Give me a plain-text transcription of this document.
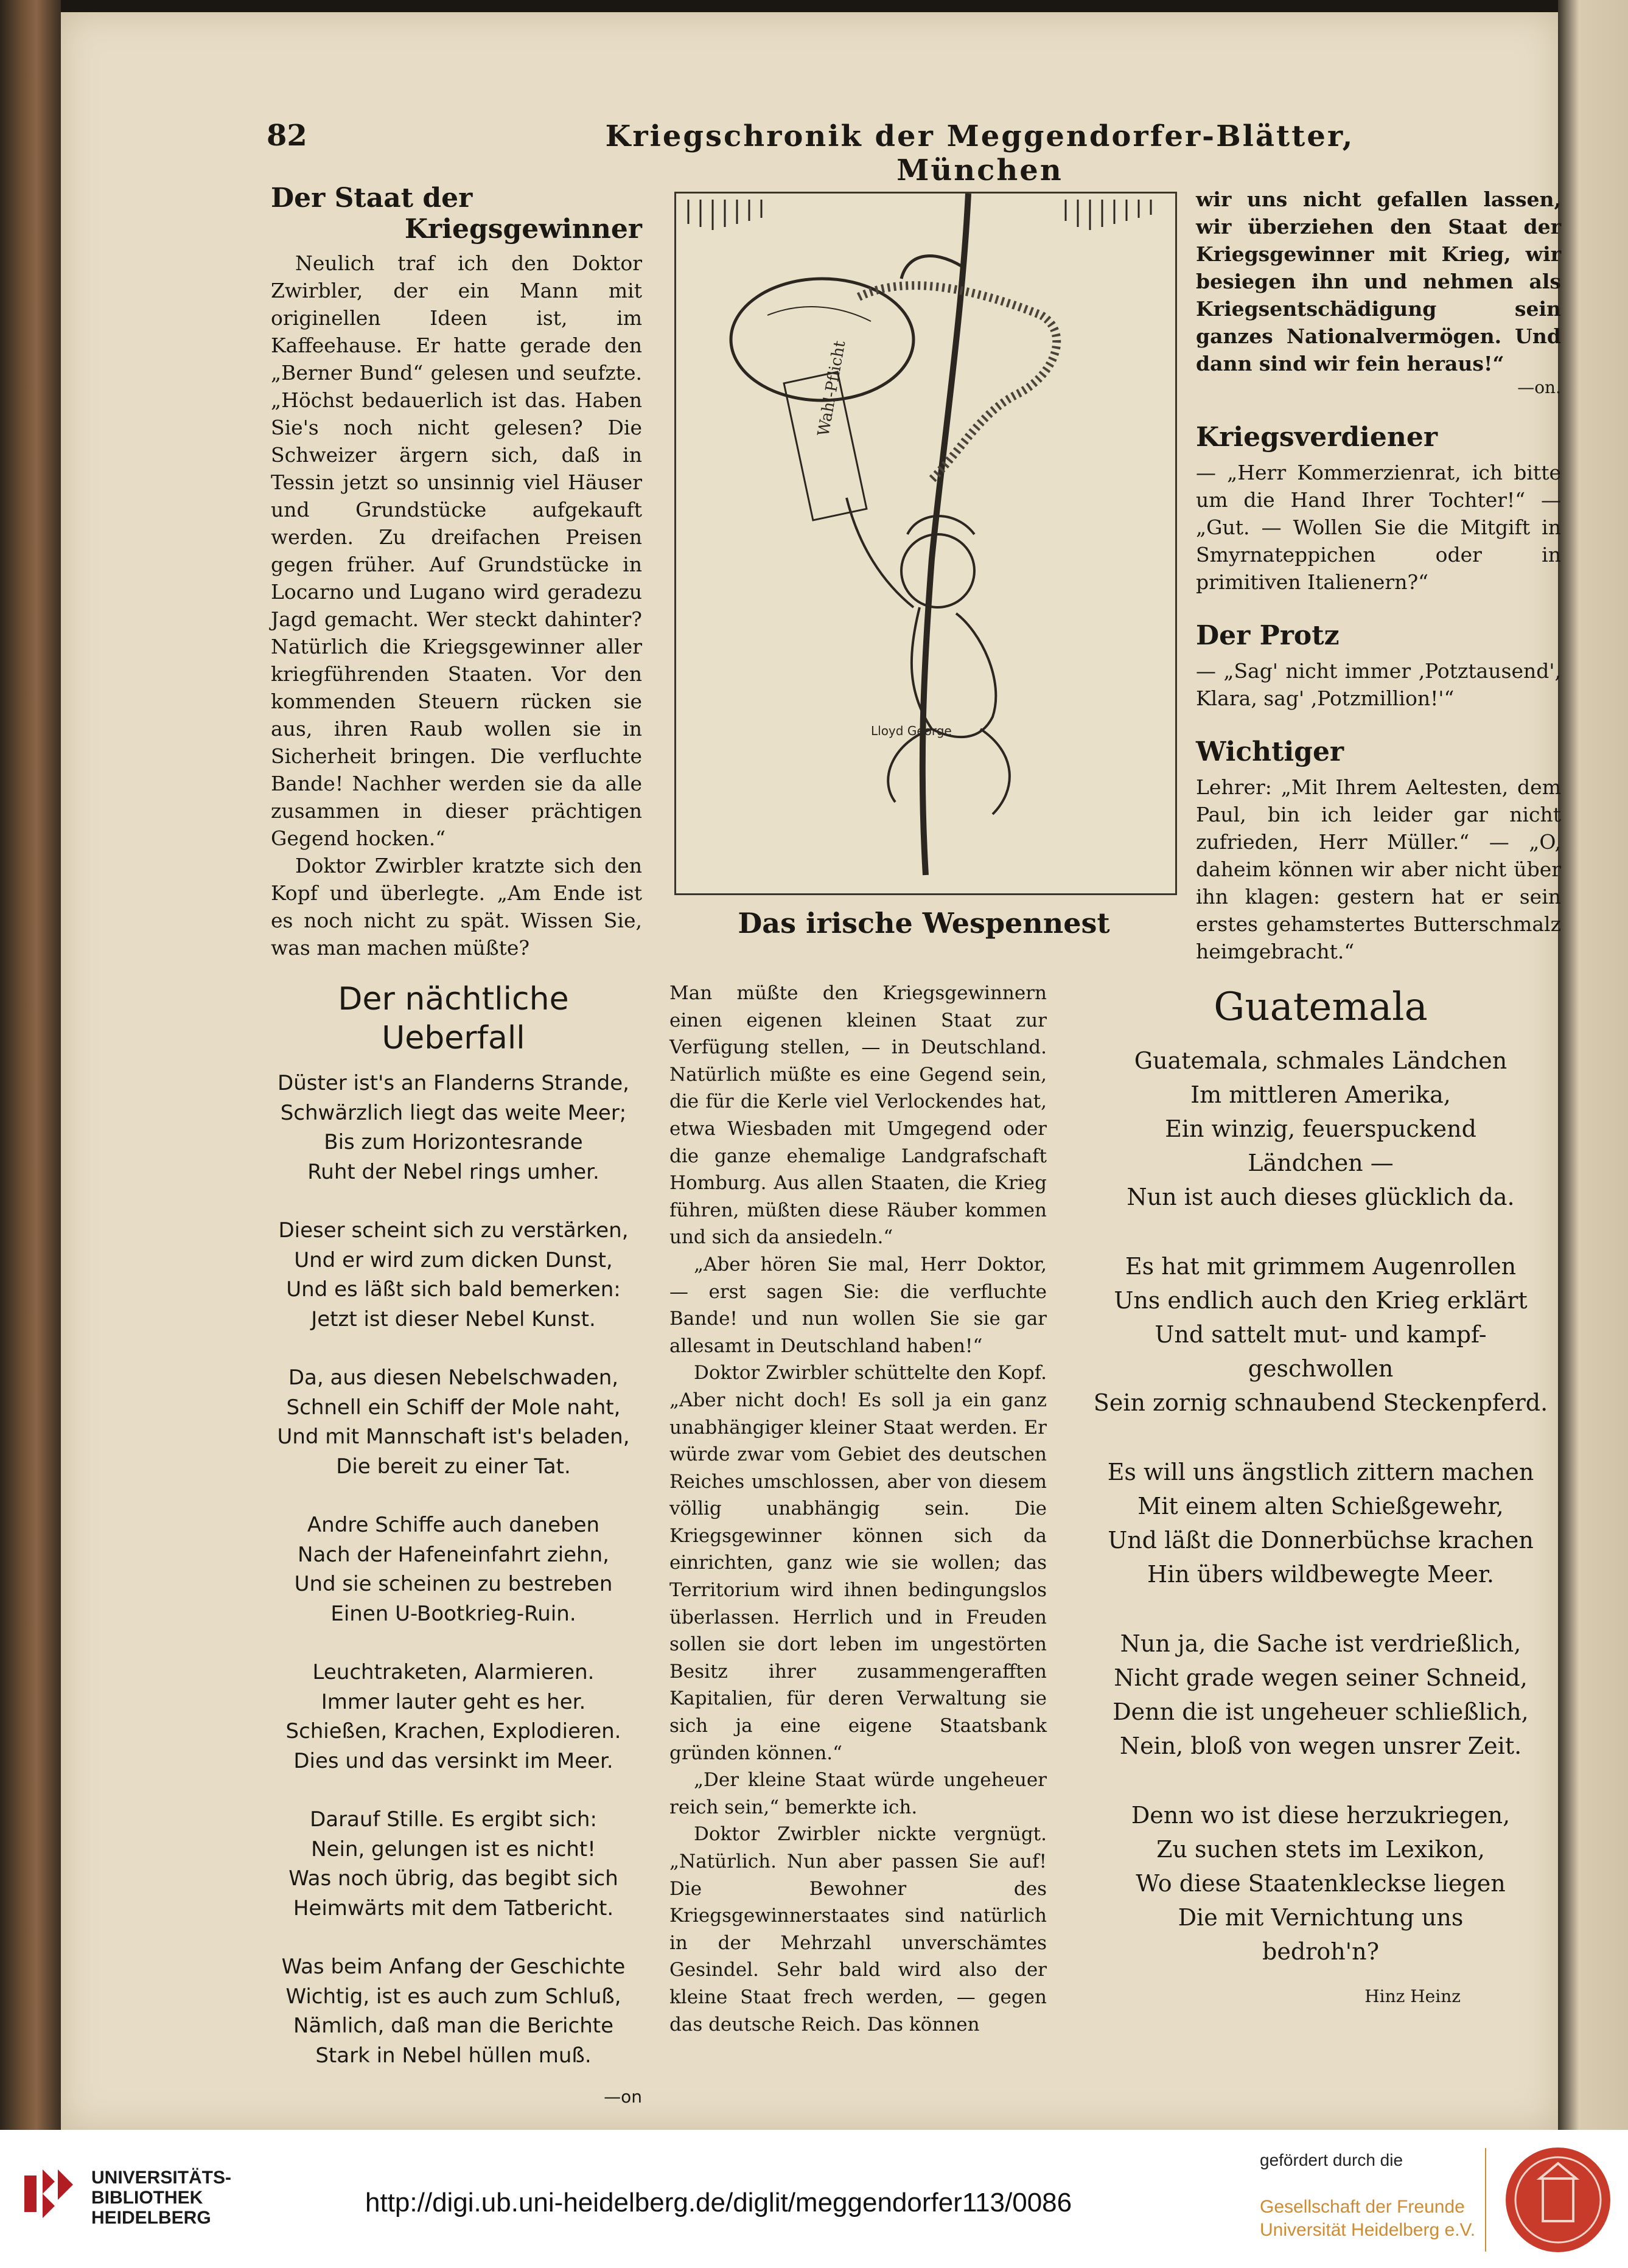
82	Kriegschronik der Meggendorfer-Blätter, München
Der Staat der
Kriegsgewinner

Neulich traf ich den Doktor Zwirbler, der ein Mann mit originellen Ideen ist, im Kaffeehause. Er hatte gerade den „Berner Bund“ gelesen und seufzte. „Höchst bedauerlich ist das. Haben Sie's noch nicht gelesen? Die Schweizer ärgern sich, daß in Tessin jetzt so unsinnig viel Häuser und Grundstücke aufgekauft werden. Zu dreifachen Preisen gegen früher. Auf Grundstücke in Locarno und Lugano wird geradezu Jagd gemacht. Wer steckt dahinter? Natürlich die Kriegsgewinner aller kriegführenden Staaten. Vor den kommenden Steuern rücken sie aus, ihren Raub wollen sie in Sicherheit bringen. Die verfluchte Bande! Nachher werden sie da alle zusammen in dieser prächtigen Gegend hocken.“

Doktor Zwirbler kratzte sich den Kopf und überlegte. „Am Ende ist es noch nicht zu spät. Wissen Sie, was man machen müßte?

Wahl-Pflicht
Lloyd George
Das irische Wespennest
wir uns nicht gefallen lassen, wir überziehen den Staat der Kriegsgewinner mit Krieg, wir besiegen ihn und nehmen als Kriegsentschädigung sein ganzes Nationalvermögen. Und dann sind wir fein heraus!“
—on.
Kriegsverdiener
— „Herr Kommerzienrat, ich bitte um die Hand Ihrer Tochter!“ — „Gut. — Wollen Sie die Mitgift in Smyrnateppichen oder in primitiven Italienern?“
Der Protz
— „Sag' nicht immer ‚Potztausend', Klara, sag' ‚Potzmillion!'“
Wichtiger
Lehrer: „Mit Ihrem Aeltesten, dem Paul, bin ich leider gar nicht zufrieden, Herr Müller.“ — „O, daheim können wir aber nicht über ihn klagen: gestern hat er sein erstes gehamstertes Butterschmalz heimgebracht.“
Der nächtliche Ueberfall
Düster ist's an Flanderns Strande,
Schwärzlich liegt das weite Meer;
Bis zum Horizontesrande
Ruht der Nebel rings umher.
Dieser scheint sich zu verstärken,
Und er wird zum dicken Dunst,
Und es läßt sich bald bemerken:
Jetzt ist dieser Nebel Kunst.
Da, aus diesen Nebelschwaden,
Schnell ein Schiff der Mole naht,
Und mit Mannschaft ist's beladen,
Die bereit zu einer Tat.
Andre Schiffe auch daneben
Nach der Hafeneinfahrt ziehn,
Und sie scheinen zu bestreben
Einen U-Bootkrieg-Ruin.
Leuchtraketen, Alarmieren.
Immer lauter geht es her.
Schießen, Krachen, Explodieren.
Dies und das versinkt im Meer.
Darauf Stille. Es ergibt sich:
Nein, gelungen ist es nicht!
Was noch übrig, das begibt sich
Heimwärts mit dem Tatbericht.
Was beim Anfang der Geschichte
Wichtig, ist es auch zum Schluß,
Nämlich, daß man die Berichte
Stark in Nebel hüllen muß.
—on

Man müßte den Kriegsgewinnern einen eigenen kleinen Staat zur Verfügung stellen, — in Deutschland. Natürlich müßte es eine Gegend sein, die für die Kerle viel Verlockendes hat, etwa Wiesbaden mit Umgegend oder die ganze ehemalige Landgrafschaft Homburg. Aus allen Staaten, die Krieg führen, müßten diese Räuber kommen und sich da ansiedeln.“

„Aber hören Sie mal, Herr Doktor, — erst sagen Sie: die verfluchte Bande! und nun wollen Sie sie gar allesamt in Deutschland haben!“

Doktor Zwirbler schüttelte den Kopf. „Aber nicht doch! Es soll ja ein ganz unabhängiger kleiner Staat werden. Er würde zwar vom Gebiet des deutschen Reiches umschlossen, aber von diesem völlig unabhängig sein. Die Kriegsgewinner können sich da einrichten, ganz wie sie wollen; das Territorium wird ihnen bedingungslos überlassen. Herrlich und in Freuden sollen sie dort leben im ungestörten Besitz ihrer zusammengerafften Kapitalien, für deren Verwaltung sie sich ja eine eigene Staatsbank gründen können.“

„Der kleine Staat würde ungeheuer reich sein,“ bemerkte ich.

Doktor Zwirbler nickte vergnügt. „Natürlich. Nun aber passen Sie auf! Die Bewohner des Kriegsgewinnerstaates sind natürlich in der Mehrzahl unverschämtes Gesindel. Sehr bald wird also der kleine Staat frech werden, — gegen das deutsche Reich. Das können

Guatemala
Guatemala, schmales Ländchen
Im mittleren Amerika,
Ein winzig, feuerspuckend
Ländchen —
Nun ist auch dieses glücklich da.
Es hat mit grimmem Augenrollen
Uns endlich auch den Krieg erklärt
Und sattelt mut- und kampf-
geschwollen
Sein zornig schnaubend Steckenpferd.
Es will uns ängstlich zittern machen
Mit einem alten Schießgewehr,
Und läßt die Donnerbüchse krachen
Hin übers wildbewegte Meer.
Nun ja, die Sache ist verdrießlich,
Nicht grade wegen seiner Schneid,
Denn die ist ungeheuer schließlich,
Nein, bloß von wegen unsrer Zeit.
Denn wo ist diese herzukriegen,
Zu suchen stets im Lexikon,
Wo diese Staatenkleckse liegen
Die mit Vernichtung uns
bedroh'n?
Hinz Heinz
UNIVERSITÄTS-
BIBLIOTHEK
HEIDELBERG
http://digi.ub.uni-heidelberg.de/diglit/meggendorfer113/0086
gefördert durch die
Gesellschaft der Freunde
Universität Heidelberg e.V.
